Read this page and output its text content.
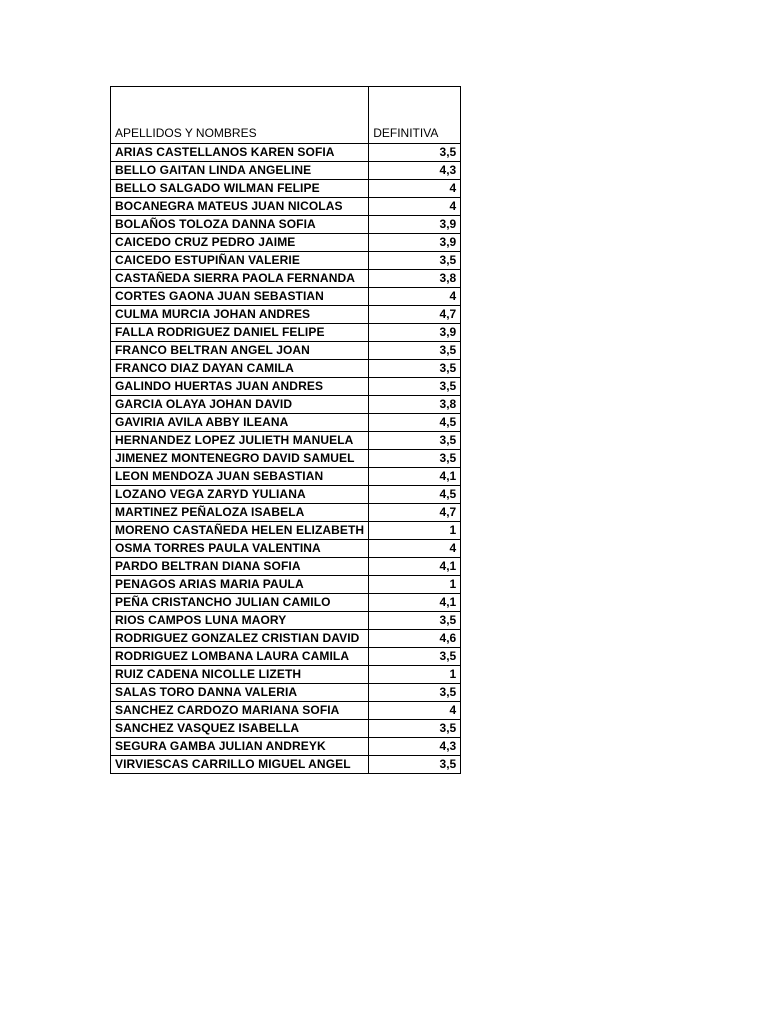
APELLIDOS Y NOMBRES	DEFINITIVA
ARIAS CASTELLANOS KAREN SOFIA	3,5
BELLO GAITAN LINDA ANGELINE	4,3
BELLO SALGADO WILMAN FELIPE	4
BOCANEGRA MATEUS JUAN NICOLAS	4
BOLAÑOS TOLOZA DANNA SOFIA	3,9
CAICEDO CRUZ PEDRO JAIME	3,9
CAICEDO ESTUPIÑAN VALERIE	3,5
CASTAÑEDA SIERRA PAOLA FERNANDA	3,8
CORTES GAONA JUAN SEBASTIAN	4
CULMA MURCIA JOHAN ANDRES	4,7
FALLA RODRIGUEZ DANIEL FELIPE	3,9
FRANCO BELTRAN ANGEL JOAN	3,5
FRANCO DIAZ DAYAN CAMILA	3,5
GALINDO HUERTAS JUAN ANDRES	3,5
GARCIA OLAYA JOHAN DAVID	3,8
GAVIRIA AVILA ABBY ILEANA	4,5
HERNANDEZ LOPEZ JULIETH MANUELA	3,5
JIMENEZ MONTENEGRO DAVID SAMUEL	3,5
LEON MENDOZA JUAN SEBASTIAN	4,1
LOZANO VEGA ZARYD YULIANA	4,5
MARTINEZ PEÑALOZA ISABELA	4,7
MORENO CASTAÑEDA HELEN ELIZABETH	1
OSMA TORRES PAULA VALENTINA	4
PARDO BELTRAN DIANA SOFIA	4,1
PENAGOS ARIAS MARIA PAULA	1
PEÑA CRISTANCHO JULIAN CAMILO	4,1
RIOS CAMPOS LUNA MAORY	3,5
RODRIGUEZ GONZALEZ CRISTIAN DAVID	4,6
RODRIGUEZ LOMBANA LAURA CAMILA	3,5
RUIZ CADENA NICOLLE LIZETH	1
SALAS TORO DANNA VALERIA	3,5
SANCHEZ CARDOZO MARIANA SOFIA	4
SANCHEZ VASQUEZ ISABELLA	3,5
SEGURA GAMBA JULIAN ANDREYK	4,3
VIRVIESCAS CARRILLO MIGUEL ANGEL	3,5
